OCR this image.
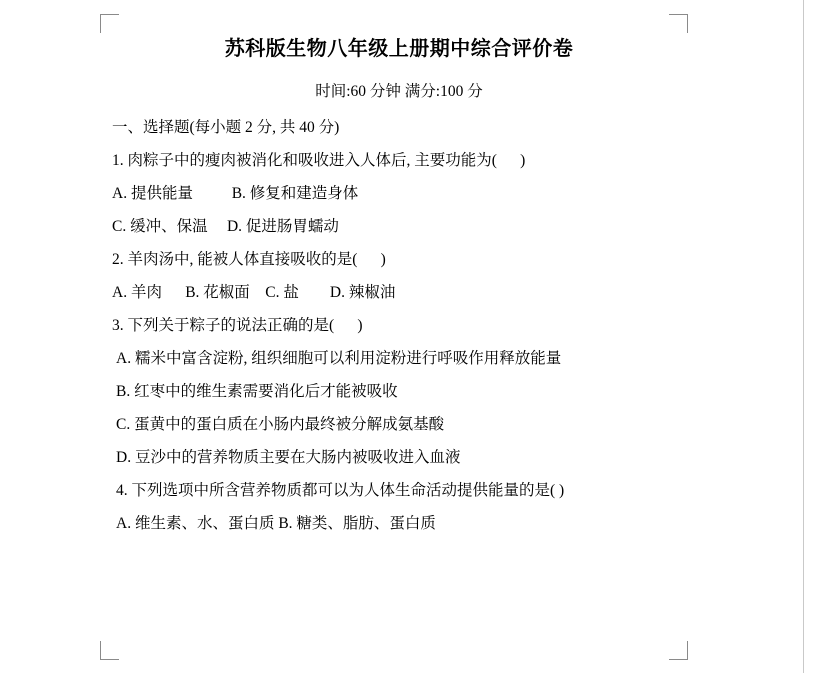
苏科版生物八年级上册期中综合评价卷
时间:60 分钟 满分:100 分
一、选择题(每小题 2 分, 共 40 分)
1. 肉粽子中的瘦肉被消化和吸收进入人体后, 主要功能为(      )
A. 提供能量          B. 修复和建造身体
C. 缓冲、保温     D. 促进肠胃蠕动
2. 羊肉汤中, 能被人体直接吸收的是(      )
A. 羊肉      B. 花椒面    C. 盐        D. 辣椒油
3. 下列关于粽子的说法正确的是(      )
A. 糯米中富含淀粉, 组织细胞可以利用淀粉进行呼吸作用释放能量
B. 红枣中的维生素需要消化后才能被吸收
C. 蛋黄中的蛋白质在小肠内最终被分解成氨基酸
D. 豆沙中的营养物质主要在大肠内被吸收进入血液
4. 下列选项中所含营养物质都可以为人体生命活动提供能量的是( )
A. 维生素、水、蛋白质 B. 糖类、脂肪、蛋白质
